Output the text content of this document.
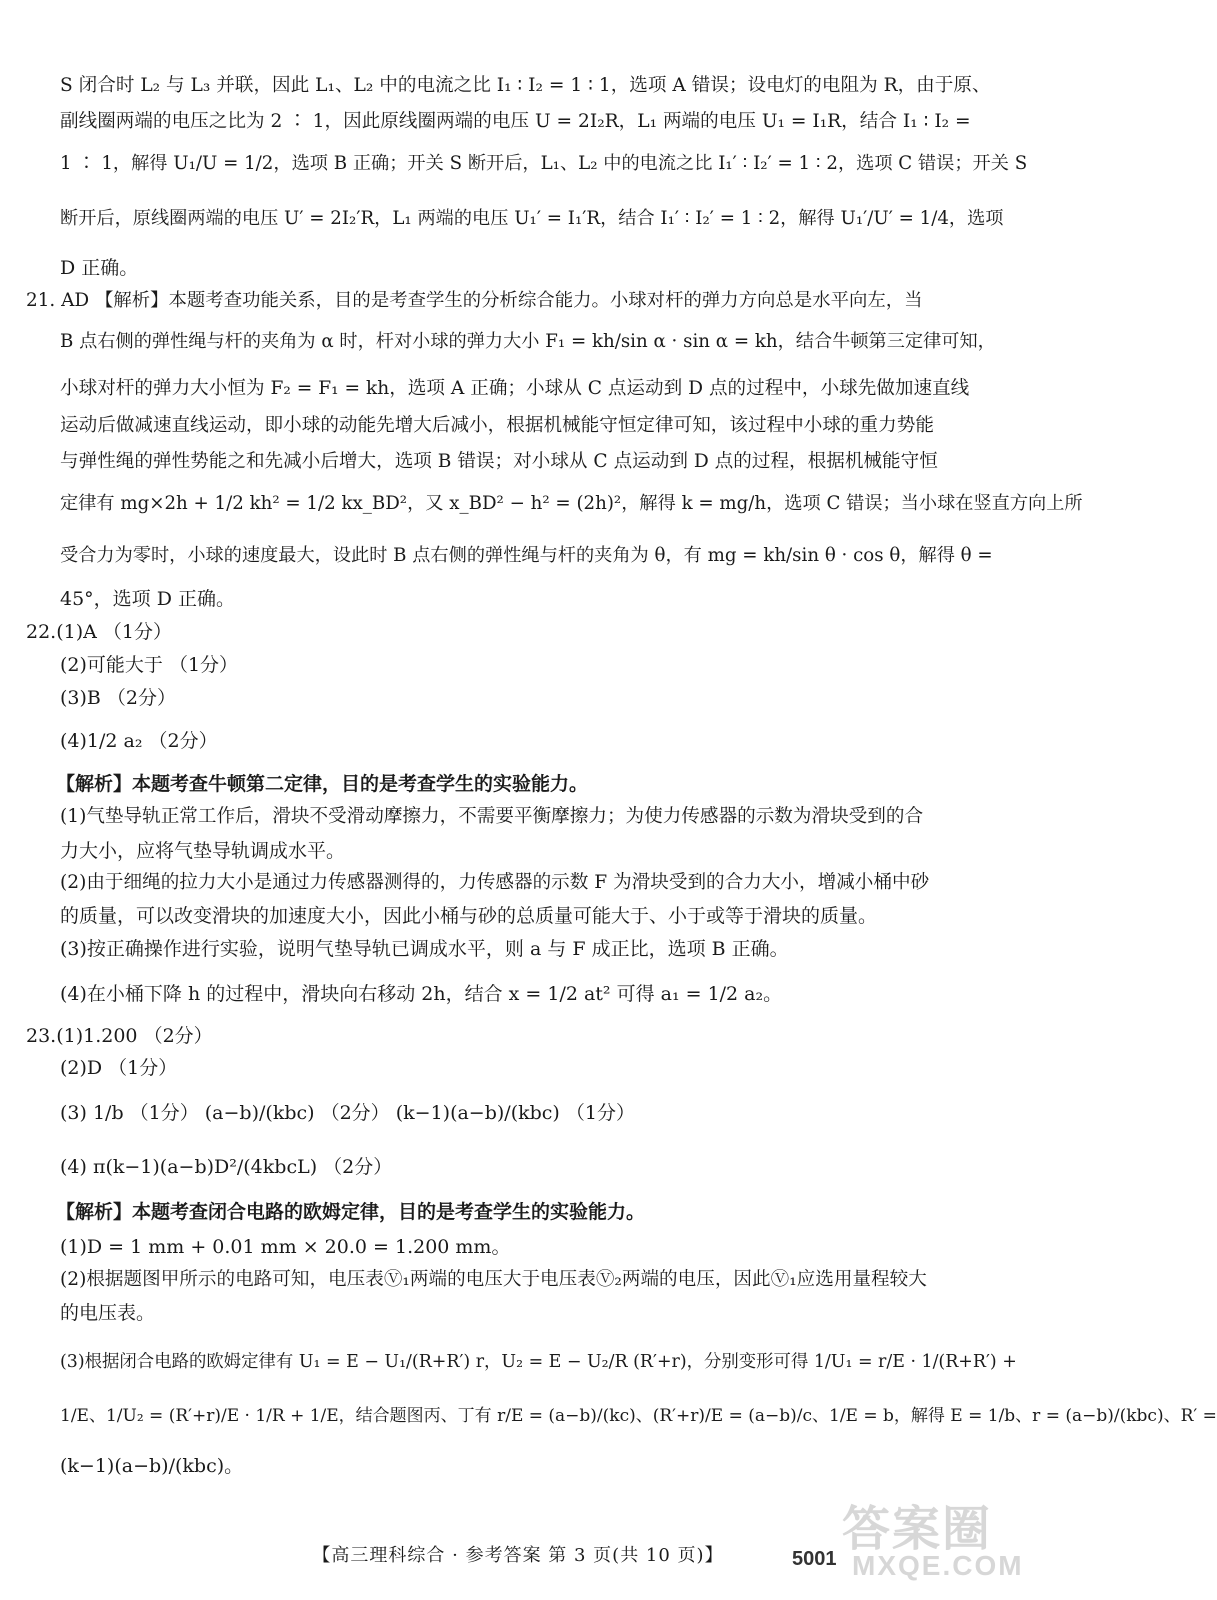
S 闭合时 L₂ 与 L₃ 并联，因此 L₁、L₂ 中的电流之比 I₁ ∶ I₂ = 1 ∶ 1，选项 A 错误；设电灯的电阻为 R，由于原、
副线圈两端的电压之比为 2 ∶ 1，因此原线圈两端的电压 U = 2I₂R，L₁ 两端的电压 U₁ = I₁R，结合 I₁ ∶ I₂ =
1 ∶ 1，解得 U₁/U = 1/2，选项 B 正确；开关 S 断开后，L₁、L₂ 中的电流之比 I₁′ ∶ I₂′ = 1 ∶ 2，选项 C 错误；开关 S
断开后，原线圈两端的电压 U′ = 2I₂′R，L₁ 两端的电压 U₁′ = I₁′R，结合 I₁′ ∶ I₂′ = 1 ∶ 2，解得 U₁′/U′ = 1/4，选项
D 正确。
21. AD 【解析】本题考查功能关系，目的是考查学生的分析综合能力。小球对杆的弹力方向总是水平向左，当
B 点右侧的弹性绳与杆的夹角为 α 时，杆对小球的弹力大小 F₁ = kh/sin α · sin α = kh，结合牛顿第三定律可知，
小球对杆的弹力大小恒为 F₂ = F₁ = kh，选项 A 正确；小球从 C 点运动到 D 点的过程中，小球先做加速直线
运动后做减速直线运动，即小球的动能先增大后减小，根据机械能守恒定律可知，该过程中小球的重力势能
与弹性绳的弹性势能之和先减小后增大，选项 B 错误；对小球从 C 点运动到 D 点的过程，根据机械能守恒
定律有 mg×2h + 1/2 kh² = 1/2 kx_BD²，又 x_BD² − h² = (2h)²，解得 k = mg/h，选项 C 错误；当小球在竖直方向上所
受合力为零时，小球的速度最大，设此时 B 点右侧的弹性绳与杆的夹角为 θ，有 mg = kh/sin θ · cos θ，解得 θ =
45°，选项 D 正确。
22.(1)A （1分）
(2)可能大于 （1分）
(3)B （2分）
(4)1/2 a₂ （2分）
【解析】本题考查牛顿第二定律，目的是考查学生的实验能力。
(1)气垫导轨正常工作后，滑块不受滑动摩擦力，不需要平衡摩擦力；为使力传感器的示数为滑块受到的合
力大小，应将气垫导轨调成水平。
(2)由于细绳的拉力大小是通过力传感器测得的，力传感器的示数 F 为滑块受到的合力大小，增减小桶中砂
的质量，可以改变滑块的加速度大小，因此小桶与砂的总质量可能大于、小于或等于滑块的质量。
(3)按正确操作进行实验，说明气垫导轨已调成水平，则 a 与 F 成正比，选项 B 正确。
(4)在小桶下降 h 的过程中，滑块向右移动 2h，结合 x = 1/2 at² 可得 a₁ = 1/2 a₂。
23.(1)1.200 （2分）
(2)D （1分）
(3) 1/b （1分） (a−b)/(kbc) （2分） (k−1)(a−b)/(kbc) （1分）
(4) π(k−1)(a−b)D²/(4kbcL) （2分）
【解析】本题考查闭合电路的欧姆定律，目的是考查学生的实验能力。
(1)D = 1 mm + 0.01 mm × 20.0 = 1.200 mm。
(2)根据题图甲所示的电路可知，电压表Ⓥ₁两端的电压大于电压表Ⓥ₂两端的电压，因此Ⓥ₁应选用量程较大
的电压表。
(3)根据闭合电路的欧姆定律有 U₁ = E − U₁/(R+R′) r，U₂ = E − U₂/R (R′+r)，分别变形可得 1/U₁ = r/E · 1/(R+R′) +
1/E、1/U₂ = (R′+r)/E · 1/R + 1/E，结合题图丙、丁有 r/E = (a−b)/(kc)、(R′+r)/E = (a−b)/c、1/E = b，解得 E = 1/b、r = (a−b)/(kbc)、R′ =
(k−1)(a−b)/(kbc)。
【高三理科综合 · 参考答案 第 3 页(共 10 页)】	5001
答案圈
MXQE.COM
